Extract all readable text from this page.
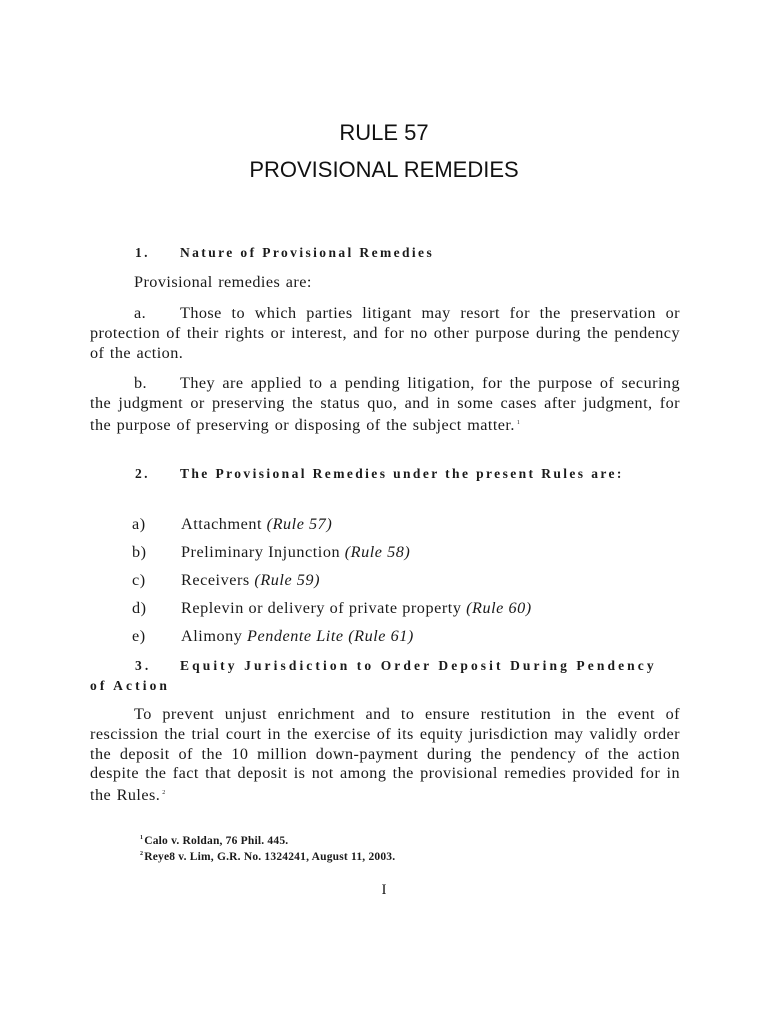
RULE 57
PROVISIONAL REMEDIES
1. Nature of Provisional Remedies
Provisional remedies are:
a. Those to which parties litigant may resort for the preservation or protection of their rights or interest, and for no other purpose during the pendency of the action.
b. They are applied to a pending litigation, for the purpose of securing the judgment or preserving the status quo, and in some cases after judgment, for the purpose of preserving or disposing of the subject matter. $^1$
2. The Provisional Remedies under the present Rules are:
a) Attachment (Rule 57)
b) Preliminary Injunction (Rule 58)
c) Receivers (Rule 59)
d) Replevin or delivery of private property (Rule 60)
e) Alimony Pendente Lite (Rule 61)
3. Equity Jurisdiction to Order Deposit During Pendency of Action
To prevent unjust enrichment and to ensure restitution in the event of rescission the trial court in the exercise of its equity jurisdiction may validly order the deposit of the 10 million down-payment during the pendency of the action despite the fact that deposit is not among the provisional remedies provided for in the Rules. $^2$
$^1$Calo v. Roldan, 76 Phil. 445.
$^2$Reye8 v. Lim, G.R. No. 1324241, August 11, 2003.
I
